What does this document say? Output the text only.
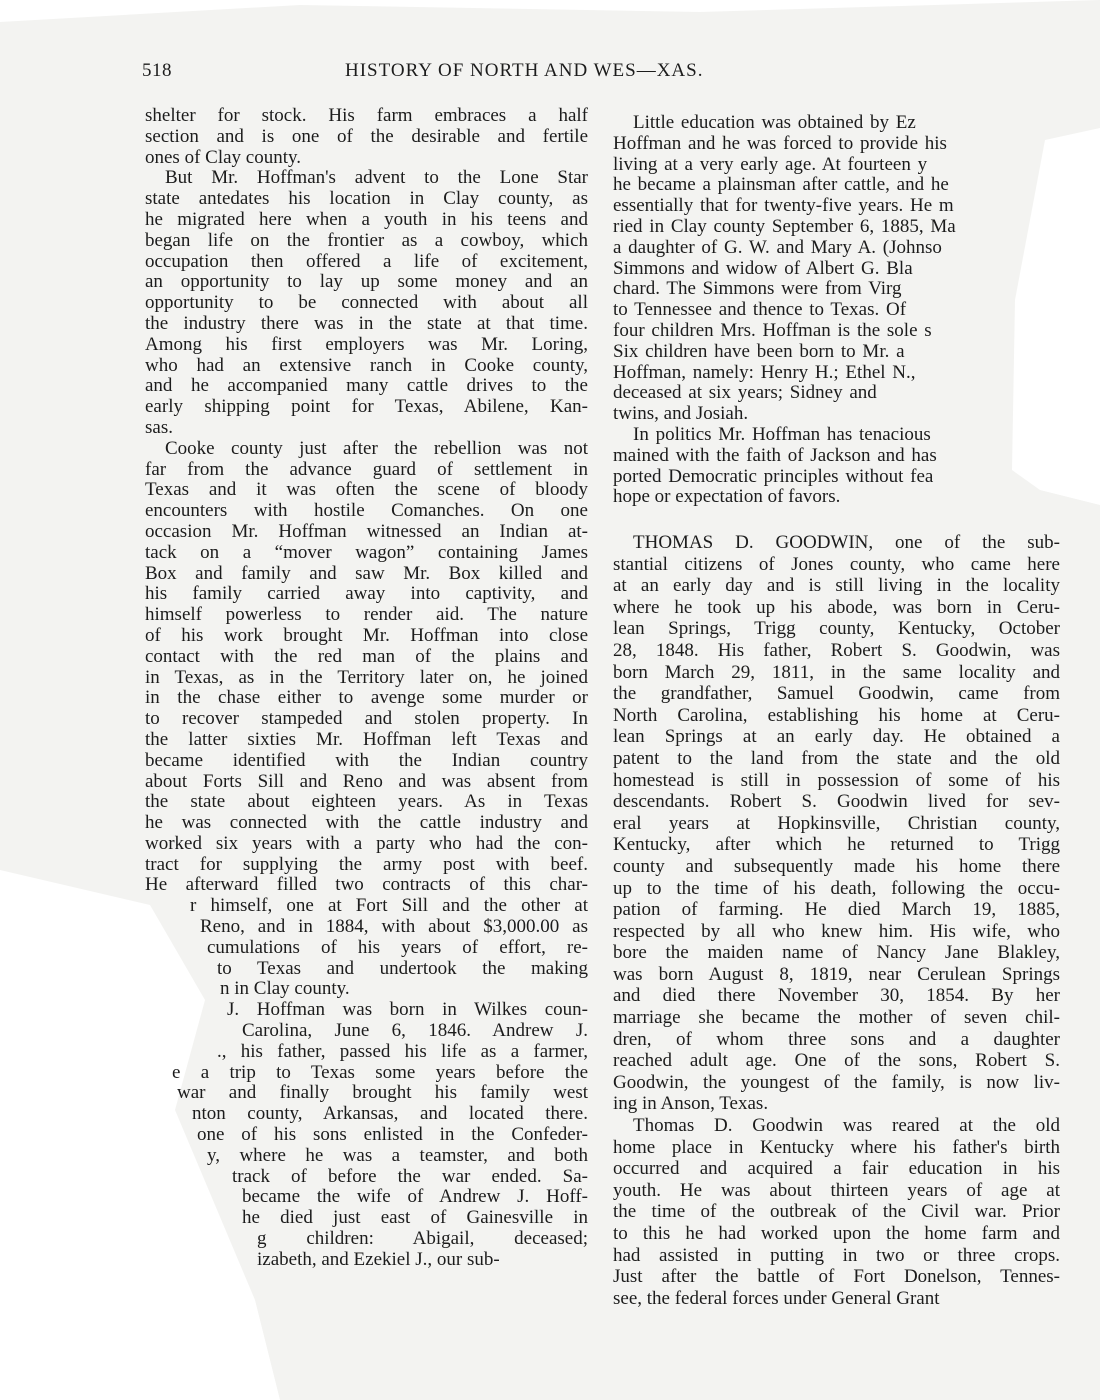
518	HISTORY OF NORTH AND WES—XAS.
shelter for stock. His farm embraces a half
section and is one of the desirable and fertile
ones of Clay county.
But Mr. Hoffman's advent to the Lone Star
state antedates his location in Clay county, as
he migrated here when a youth in his teens and
began life on the frontier as a cowboy, which
occupation then offered a life of excitement,
an opportunity to lay up some money and an
opportunity to be connected with about all
the industry there was in the state at that time.
Among his first employers was Mr. Loring,
who had an extensive ranch in Cooke county,
and he accompanied many cattle drives to the
early shipping point for Texas, Abilene, Kan-
sas.
Cooke county just after the rebellion was not
far from the advance guard of settlement in
Texas and it was often the scene of bloody
encounters with hostile Comanches. On one
occasion Mr. Hoffman witnessed an Indian at-
tack on a “mover wagon” containing James
Box and family and saw Mr. Box killed and
his family carried away into captivity, and
himself powerless to render aid. The nature
of his work brought Mr. Hoffman into close
contact with the red man of the plains and
in Texas, as in the Territory later on, he joined
in the chase either to avenge some murder or
to recover stampeded and stolen property. In
the latter sixties Mr. Hoffman left Texas and
became identified with the Indian country
about Forts Sill and Reno and was absent from
the state about eighteen years. As in Texas
he was connected with the cattle industry and
worked six years with a party who had the con-
tract for supplying the army post with beef.
He afterward filled two contracts of this char-
r himself, one at Fort Sill and the other at
Reno, and in 1884, with about $3,000.00 as
cumulations of his years of effort, re-
to Texas and undertook the making
n in Clay county.
J. Hoffman was born in Wilkes coun-
Carolina, June 6, 1846. Andrew J.
., his father, passed his life as a farmer,
e a trip to Texas some years before the
war and finally brought his family west
nton county, Arkansas, and located there.
one of his sons enlisted in the Confeder-
y, where he was a teamster, and both
track of before the war ended. Sa-
became the wife of Andrew J. Hoff-
he died just east of Gainesville in
g children: Abigail, deceased;
izabeth, and Ezekiel J., our sub-
Little education was obtained by Ez
Hoffman and he was forced to provide his
living at a very early age. At fourteen y
he became a plainsman after cattle, and he
essentially that for twenty-five years. He m
ried in Clay county September 6, 1885, Ma
a daughter of G. W. and Mary A. (Johnso
Simmons and widow of Albert G. Bla
chard. The Simmons were from Virg
to Tennessee and thence to Texas. Of
four children Mrs. Hoffman is the sole s
Six children have been born to Mr. a
Hoffman, namely: Henry H.; Ethel N.,
deceased at six years; Sidney and
twins, and Josiah.
In politics Mr. Hoffman has tenacious
mained with the faith of Jackson and has
ported Democratic principles without fea
hope or expectation of favors.
THOMAS D. GOODWIN, one of the sub-
stantial citizens of Jones county, who came here
at an early day and is still living in the locality
where he took up his abode, was born in Ceru-
lean Springs, Trigg county, Kentucky, October
28, 1848. His father, Robert S. Goodwin, was
born March 29, 1811, in the same locality and
the grandfather, Samuel Goodwin, came from
North Carolina, establishing his home at Ceru-
lean Springs at an early day. He obtained a
patent to the land from the state and the old
homestead is still in possession of some of his
descendants. Robert S. Goodwin lived for sev-
eral years at Hopkinsville, Christian county,
Kentucky, after which he returned to Trigg
county and subsequently made his home there
up to the time of his death, following the occu-
pation of farming. He died March 19, 1885,
respected by all who knew him. His wife, who
bore the maiden name of Nancy Jane Blakley,
was born August 8, 1819, near Cerulean Springs
and died there November 30, 1854. By her
marriage she became the mother of seven chil-
dren, of whom three sons and a daughter
reached adult age. One of the sons, Robert S.
Goodwin, the youngest of the family, is now liv-
ing in Anson, Texas.
Thomas D. Goodwin was reared at the old
home place in Kentucky where his father's birth
occurred and acquired a fair education in his
youth. He was about thirteen years of age at
the time of the outbreak of the Civil war. Prior
to this he had worked upon the home farm and
had assisted in putting in two or three crops.
Just after the battle of Fort Donelson, Tennes-
see, the federal forces under General Grant
